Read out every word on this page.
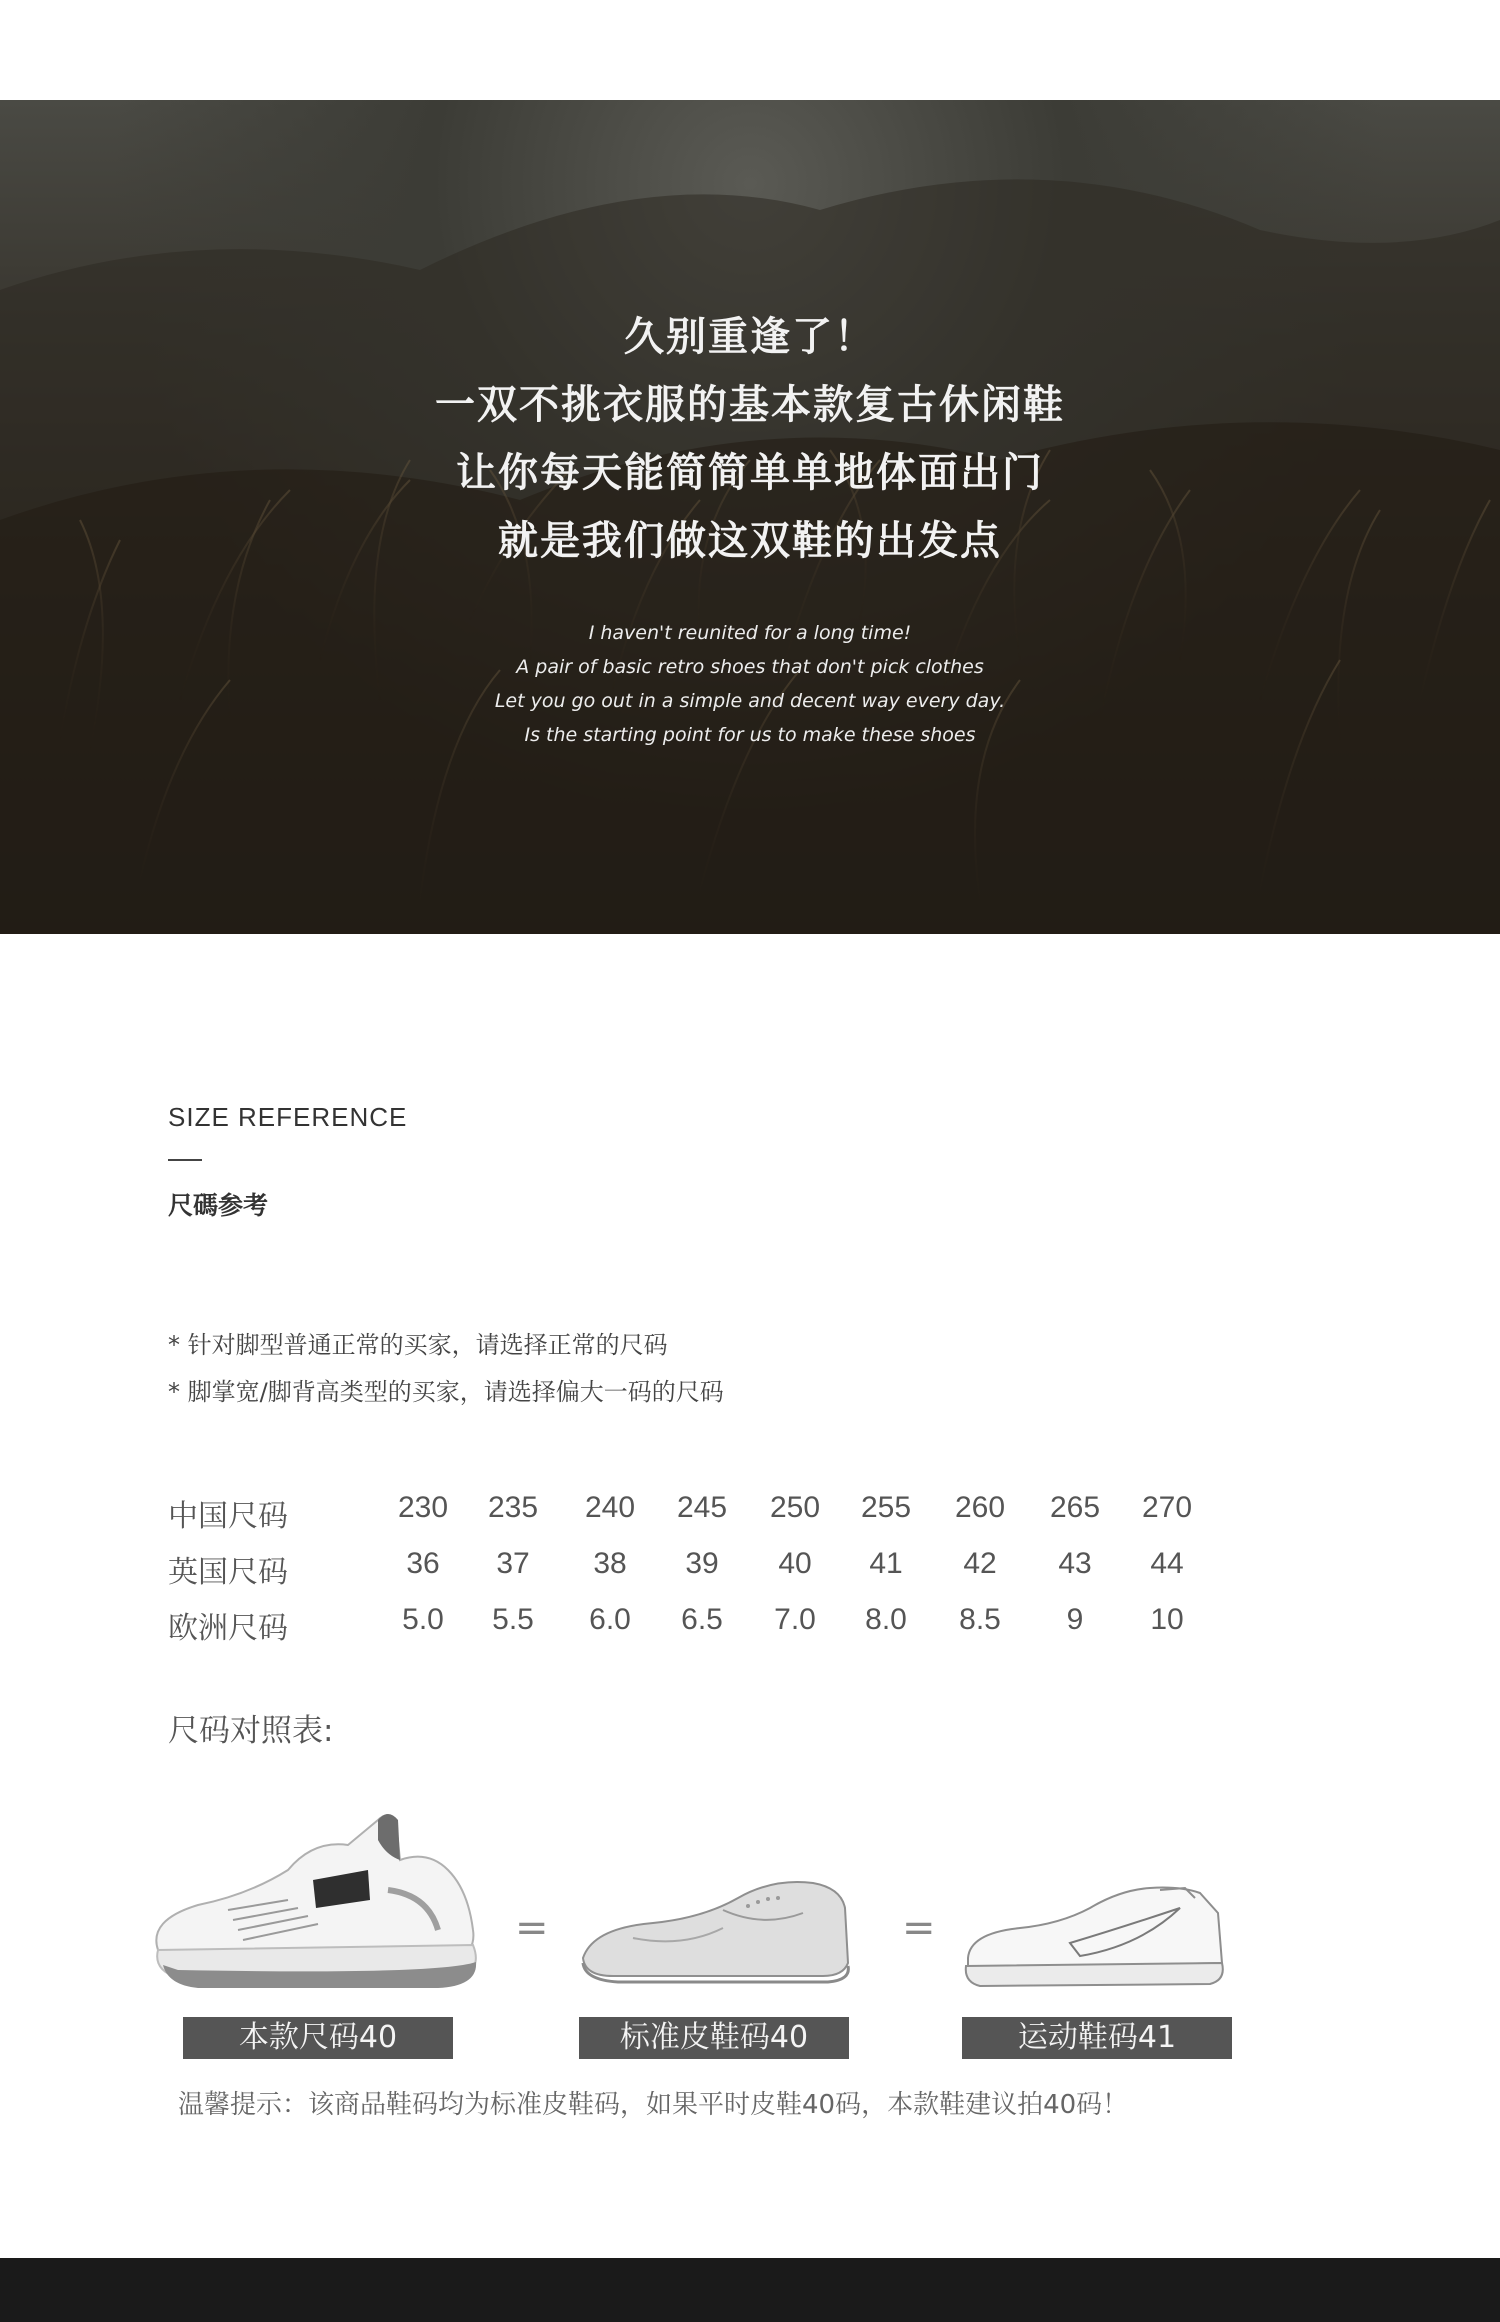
久别重逢了！
一双不挑衣服的基本款复古休闲鞋
让你每天能简简单单地体面出门
就是我们做这双鞋的出发点
I haven't reunited for a long time!
A pair of basic retro shoes that don't pick clothes
Let you go out in a simple and decent way every day.
Is the starting point for us to make these shoes
SIZE REFERENCE
尺碼参考
* 针对脚型普通正常的买家，请选择正常的尺码
* 脚掌宽/脚背高类型的买家，请选择偏大一码的尺码
中国尺码	230	235	240	245	250	255	260	265	270
英国尺码	36	37	38	39	40	41	42	43	44
欧洲尺码	5.0	5.5	6.0	6.5	7.0	8.0	8.5	9	10
尺码对照表:
=	=
本款尺码40	标准皮鞋码40	运动鞋码41
温馨提示：该商品鞋码均为标准皮鞋码，如果平时皮鞋40码，本款鞋建议拍40码！
